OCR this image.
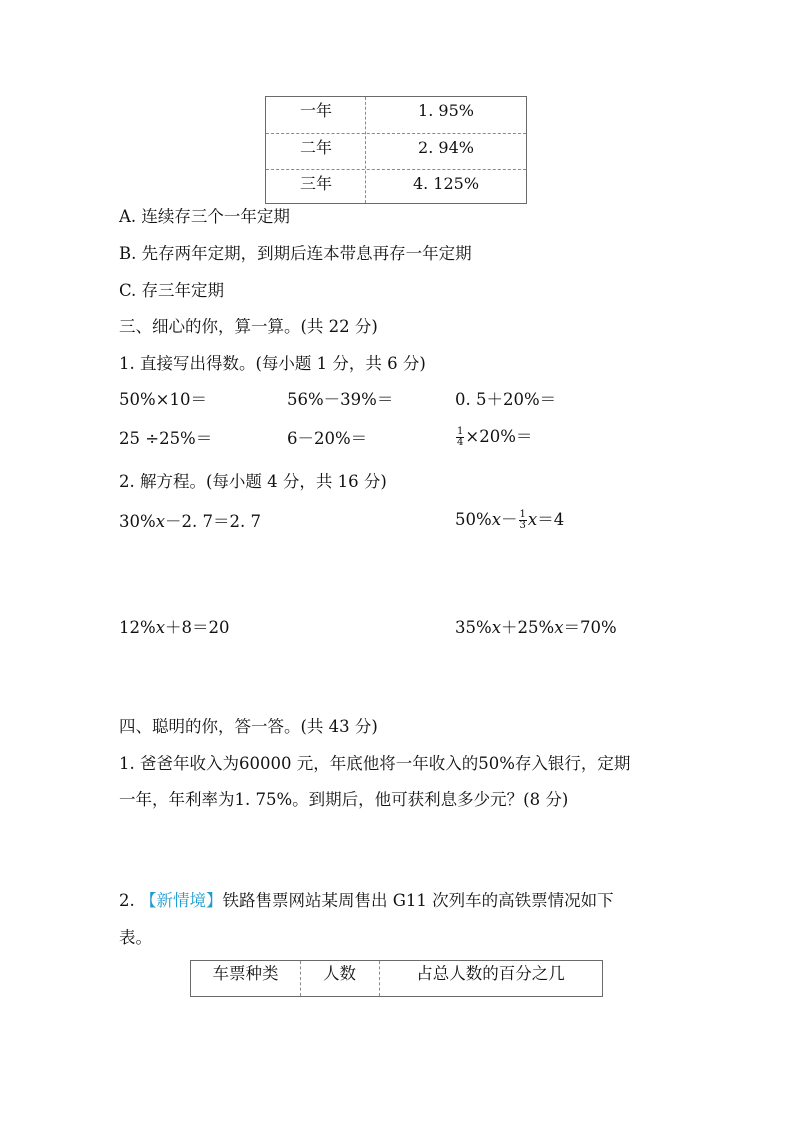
一年	1. 95%
二年	2. 94%
三年	4. 125%
A. 连续存三个一年定期
B. 先存两年定期，到期后连本带息再存一年定期
C. 存三年定期
三、细心的你，算一算。(共 22 分)
1. 直接写出得数。(每小题 1 分，共 6 分)
50%×10＝	56%－39%＝	0. 5＋20%＝
25 ÷25%＝	6－20%＝	$\frac{1}{4} \times 20\%=$
2. 解方程。(每小题 4 分，共 16 分)
30%x－2. 7＝2. 7	$50\%x- \frac{1}{3} x=4$
12%x＋8＝20	35%x＋25%x＝70%
四、聪明的你，答一答。(共 43 分)
1. 爸爸年收入为60000 元，年底他将一年收入的50%存入银行，定期
一年，年利率为1. 75%。到期后，他可获利息多少元？(8 分)
2. 【新情境】铁路售票网站某周售出 G11 次列车的高铁票情况如下
表。
车票种类	人数	占总人数的百分之几
